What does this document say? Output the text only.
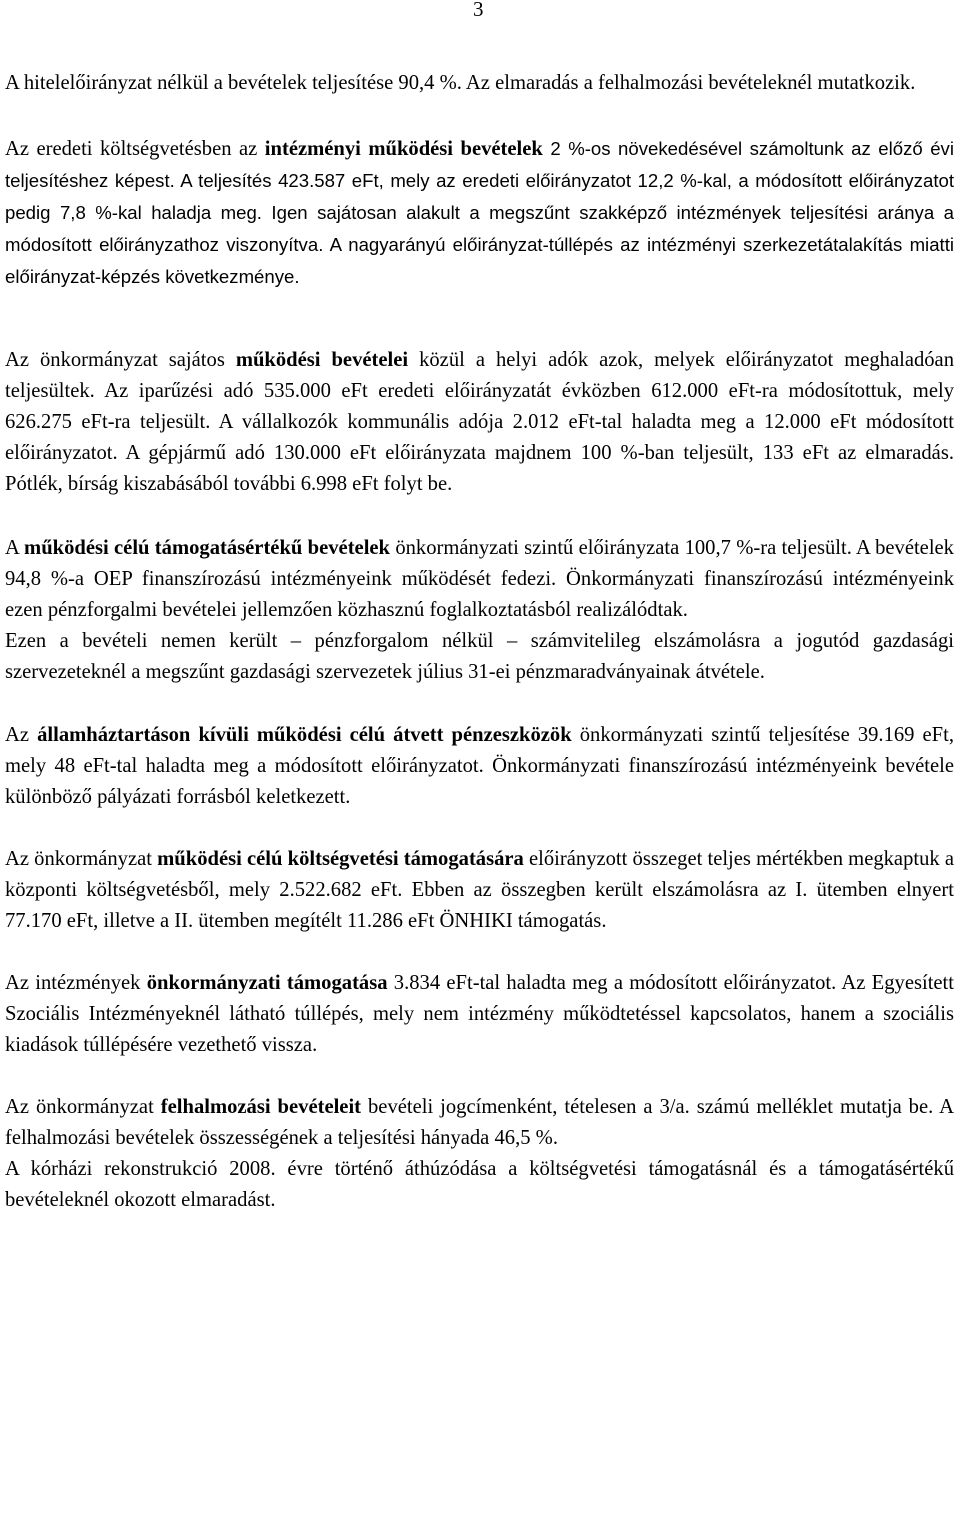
3

A hitelelőirányzat nélkül a bevételek teljesítése 90,4 %. Az elmaradás a felhalmozási bevételeknél mutatkozik.

Az eredeti költségvetésben az intézményi működési bevételek 2 %-os növekedésével számoltunk az előző évi teljesítéshez képest. A teljesítés 423.587 eFt, mely az eredeti előirányzatot 12,2 %-kal, a módosított előirányzatot pedig 7,8 %-kal haladja meg. Igen sajátosan alakult a megszűnt szakképző intézmények teljesítési aránya a módosított előirányzathoz viszonyítva. A nagyarányú előirányzat-túllépés az intézményi szerkezetátalakítás miatti előirányzat-képzés következménye.

Az önkormányzat sajátos működési bevételei közül a helyi adók azok, melyek előirányzatot meghaladóan teljesültek. Az iparűzési adó 535.000 eFt eredeti előirányzatát évközben 612.000 eFt-ra módosítottuk, mely 626.275 eFt-ra teljesült. A vállalkozók kommunális adója 2.012 eFt-tal haladta meg a 12.000 eFt módosított előirányzatot. A gépjármű adó 130.000 eFt előirányzata majdnem 100 %-ban teljesült, 133 eFt az elmaradás. Pótlék, bírság kiszabásából további 6.998 eFt folyt be.

A működési célú támogatásértékű bevételek önkormányzati szintű előirányzata 100,7 %-ra teljesült. A bevételek 94,8 %-a OEP finanszírozású intézményeink működését fedezi. Önkormányzati finanszírozású intézményeink ezen pénzforgalmi bevételei jellemzően közhasznú foglalkoztatásból realizálódtak.

Ezen a bevételi nemen került – pénzforgalom nélkül – számvitelileg elszámolásra a jogutód gazdasági szervezeteknél a megszűnt gazdasági szervezetek július 31-ei pénzmaradványainak átvétele.

Az államháztartáson kívüli működési célú átvett pénzeszközök önkormányzati szintű teljesítése 39.169 eFt, mely 48 eFt-tal haladta meg a módosított előirányzatot. Önkormányzati finanszírozású intézményeink bevétele különböző pályázati forrásból keletkezett.

Az önkormányzat működési célú költségvetési támogatására előirányzott összeget teljes mértékben megkaptuk a központi költségvetésből, mely 2.522.682 eFt. Ebben az összegben került elszámolásra az I. ütemben elnyert 77.170 eFt, illetve a II. ütemben megítélt 11.286 eFt ÖNHIKI támogatás.

Az intézmények önkormányzati támogatása 3.834 eFt-tal haladta meg a módosított előirányzatot. Az Egyesített Szociális Intézményeknél látható túllépés, mely nem intézmény működtetéssel kapcsolatos, hanem a szociális kiadások túllépésére vezethető vissza.

Az önkormányzat felhalmozási bevételeit bevételi jogcímenként, tételesen a 3/a. számú melléklet mutatja be. A felhalmozási bevételek összességének a teljesítési hányada 46,5 %.

A kórházi rekonstrukció 2008. évre történő áthúzódása a költségvetési támogatásnál és a támogatásértékű bevételeknél okozott elmaradást.
